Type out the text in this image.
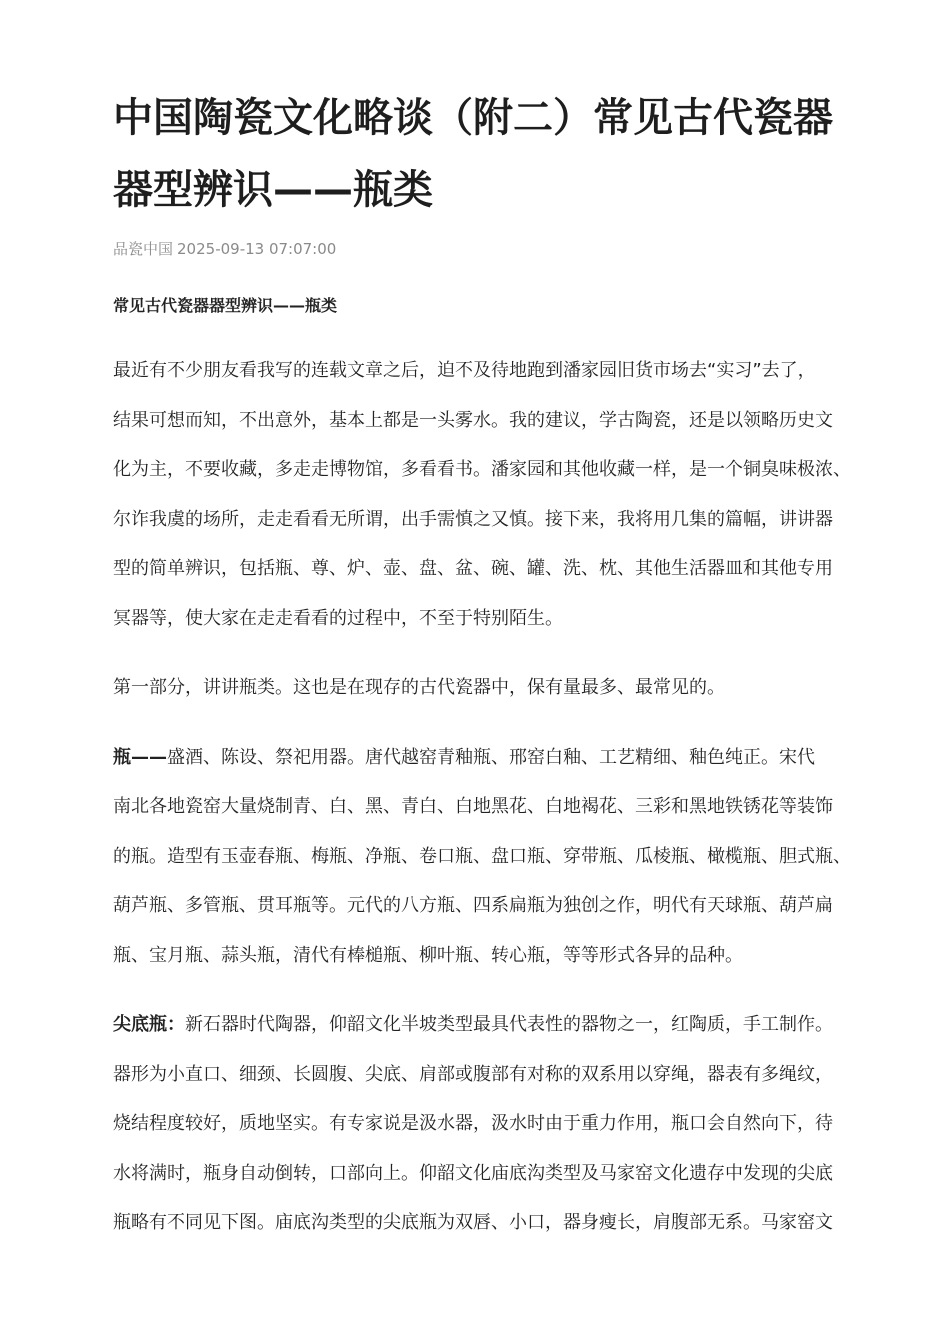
中国陶瓷文化略谈（附二）常见古代瓷器
器型辨识——瓶类
品瓷中国 2025-09-13 07:07:00
常见古代瓷器器型辨识——瓶类

最近有不少朋友看我写的连载文章之后，迫不及待地跑到潘家园旧货市场去“实习”去了，
结果可想而知，不出意外，基本上都是一头雾水。我的建议，学古陶瓷，还是以领略历史文
化为主，不要收藏，多走走博物馆，多看看书。潘家园和其他收藏一样，是一个铜臭味极浓、
尔诈我虞的场所，走走看看无所谓，出手需慎之又慎。接下来，我将用几集的篇幅，讲讲器
型的简单辨识，包括瓶、尊、炉、壶、盘、盆、碗、罐、洗、枕、其他生活器皿和其他专用
冥器等，使大家在走走看看的过程中，不至于特别陌生。

第一部分，讲讲瓶类。这也是在现存的古代瓷器中，保有量最多、最常见的。

瓶——盛酒、陈设、祭祀用器。唐代越窑青釉瓶、邢窑白釉、工艺精细、釉色纯正。宋代
南北各地瓷窑大量烧制青、白、黑、青白、白地黑花、白地褐花、三彩和黑地铁锈花等装饰
的瓶。造型有玉壶春瓶、梅瓶、净瓶、卷口瓶、盘口瓶、穿带瓶、瓜棱瓶、橄榄瓶、胆式瓶、
葫芦瓶、多管瓶、贯耳瓶等。元代的八方瓶、四系扁瓶为独创之作，明代有天球瓶、葫芦扁
瓶、宝月瓶、蒜头瓶，清代有棒槌瓶、柳叶瓶、转心瓶，等等形式各异的品种。

尖底瓶：新石器时代陶器，仰韶文化半坡类型最具代表性的器物之一，红陶质，手工制作。
器形为小直口、细颈、长圆腹、尖底、肩部或腹部有对称的双系用以穿绳，器表有多绳纹，
烧结程度较好，质地坚实。有专家说是汲水器，汲水时由于重力作用，瓶口会自然向下，待
水将满时，瓶身自动倒转，口部向上。仰韶文化庙底沟类型及马家窑文化遗存中发现的尖底
瓶略有不同见下图。庙底沟类型的尖底瓶为双唇、小口，器身瘦长，肩腹部无系。马家窑文
